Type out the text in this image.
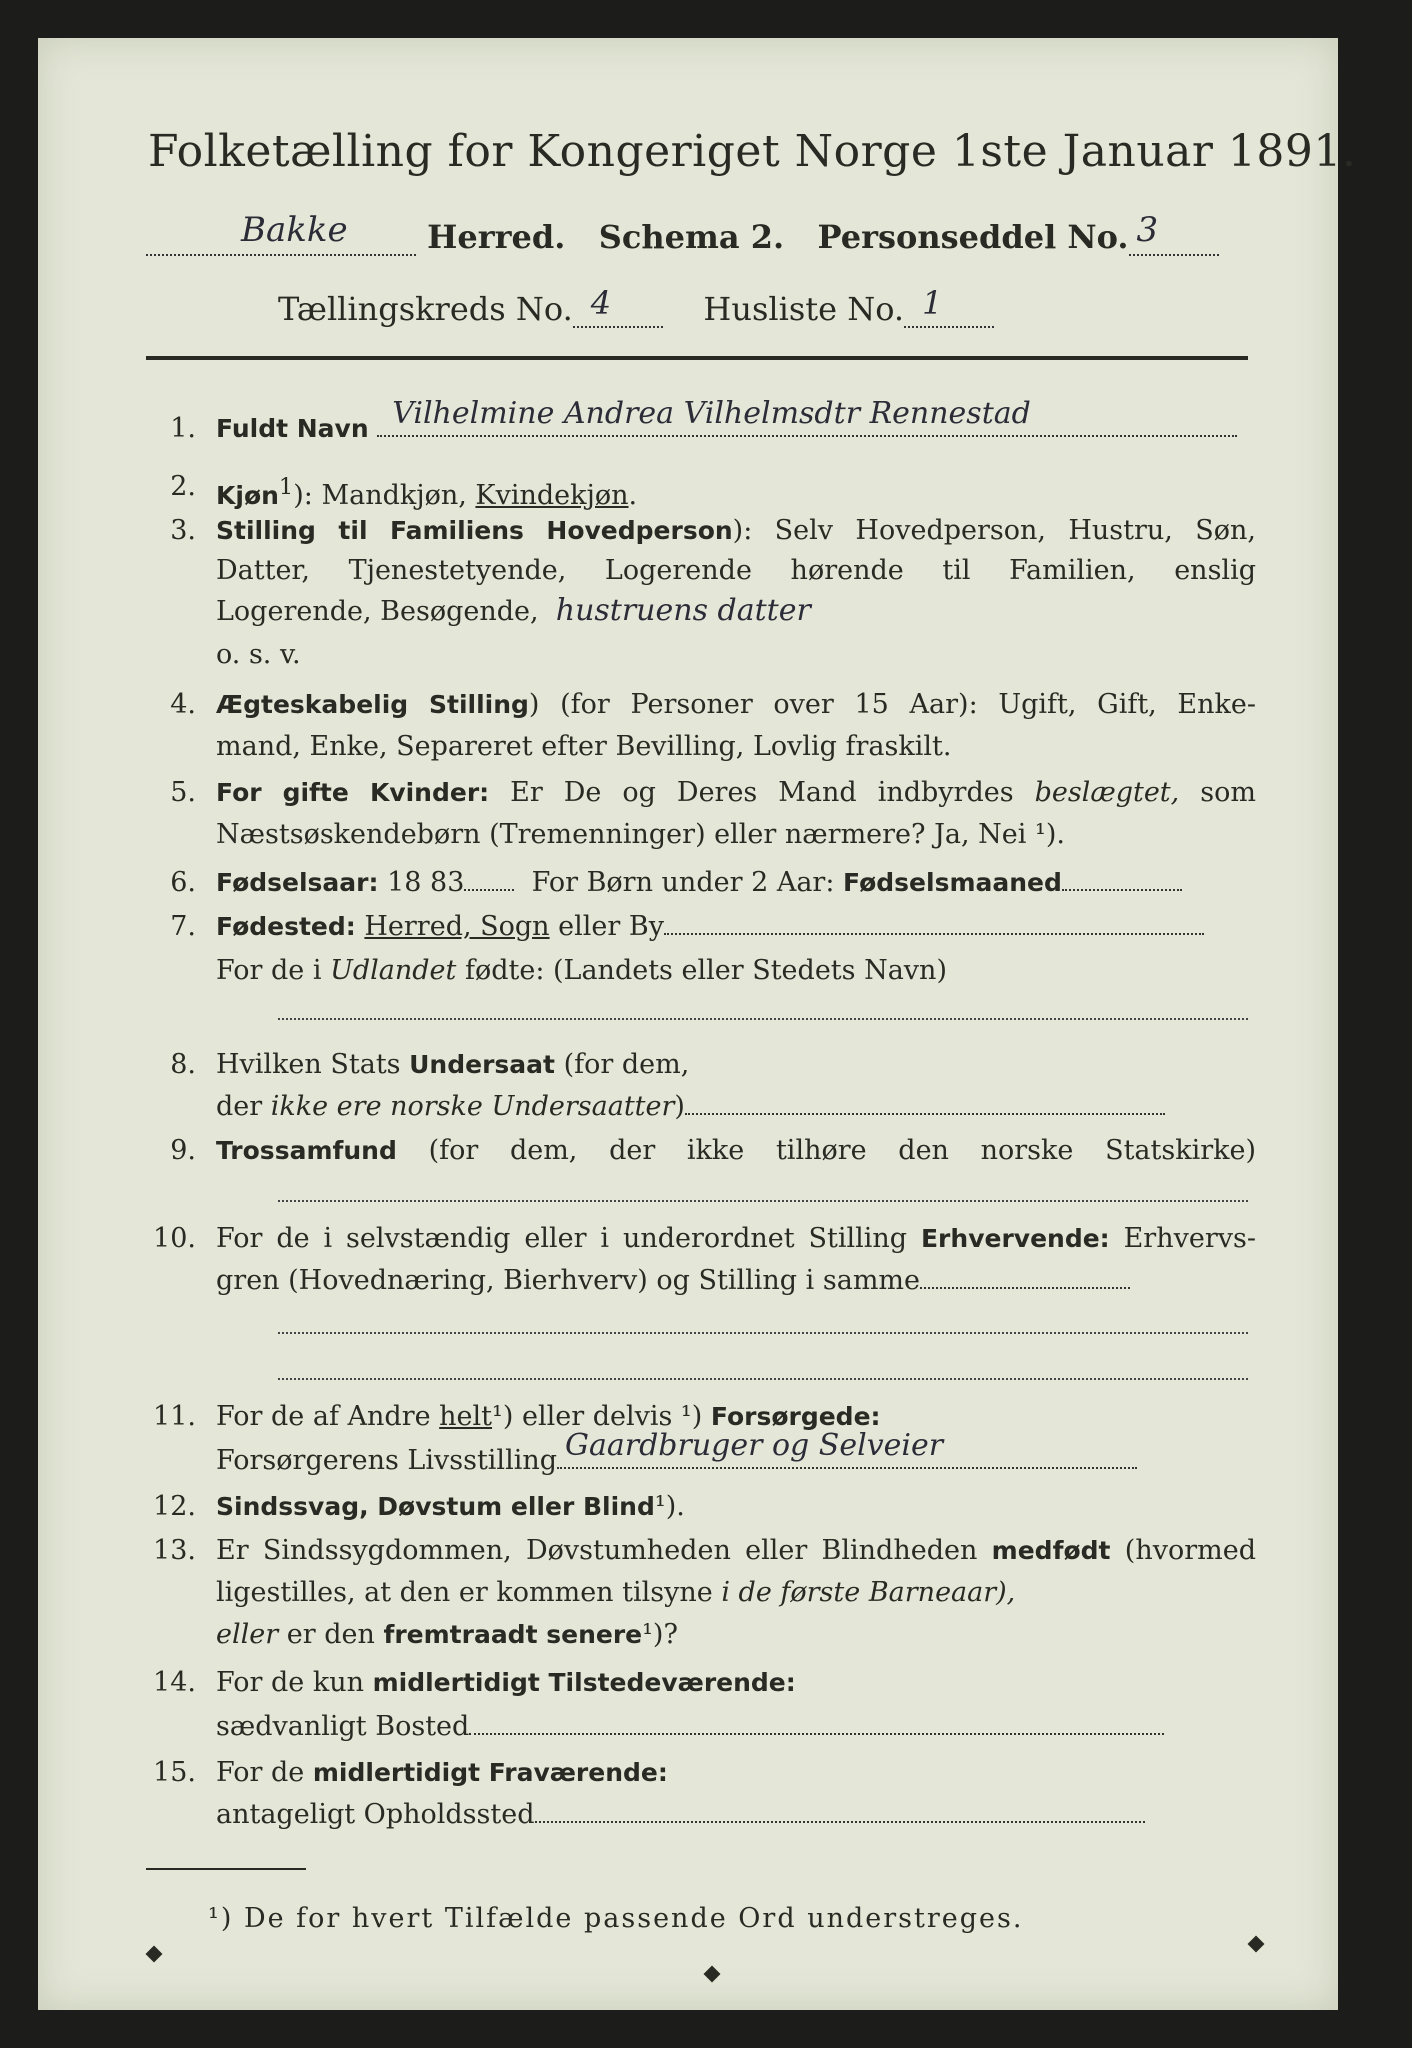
Folketælling for Kongeriget Norge 1ste Januar 1891.
Bakke Herred. Schema 2. Personseddel No. 3
Tællingskreds No. 4	Husliste No. 1
1. Fuldt Navn Vilhelmine Andrea Vilhelmsdtr Rennestad
2. Kjøn$^1$): Mandkjøn, Kvindekjøn.
3. Stilling til Familiens Hovedperson): Selv Hovedperson, Hustru, Søn,
Datter, Tjenestetyende, Logerende hørende til Familien, enslig
Logerende, Besøgende, hustruens datter
o. s. v.
4. Ægteskabelig Stilling) (for Personer over 15 Aar): Ugift, Gift, Enke-
mand, Enke, Separeret efter Bevilling, Lovlig fraskilt.
5. For gifte Kvinder: Er De og Deres Mand indbyrdes beslægtet, som
Næstsøskendebørn (Tremenninger) eller nærmere? Ja, Nei ¹).
6. Fødselsaar: 18 83 For Børn under 2 Aar: Fødselsmaaned
7. Fødested: Herred, Sogn eller By
For de i Udlandet fødte: (Landets eller Stedets Navn)
8. Hvilken Stats Undersaat (for dem,
der ikke ere norske Undersaatter)
9. Trossamfund (for dem, der ikke tilhøre den norske Statskirke)
10. For de i selvstændig eller i underordnet Stilling Erhvervende: Erhvervs-
gren (Hovednæring, Bierhverv) og Stilling i samme
11. For de af Andre helt¹) eller delvis ¹) Forsørgede:
Forsørgerens Livsstilling Gaardbruger og Selveier
12. Sindssvag, Døvstum eller Blind¹).
13. Er Sindssygdommen, Døvstumheden eller Blindheden medfødt (hvormed
ligestilles, at den er kommen tilsyne i de første Barneaar),
eller er den fremtraadt senere¹)?
14. For de kun midlertidigt Tilstedeværende:
sædvanligt Bosted
15. For de midlertidigt Fraværende:
antageligt Opholdssted
¹) De for hvert Tilfælde passende Ord understreges.
